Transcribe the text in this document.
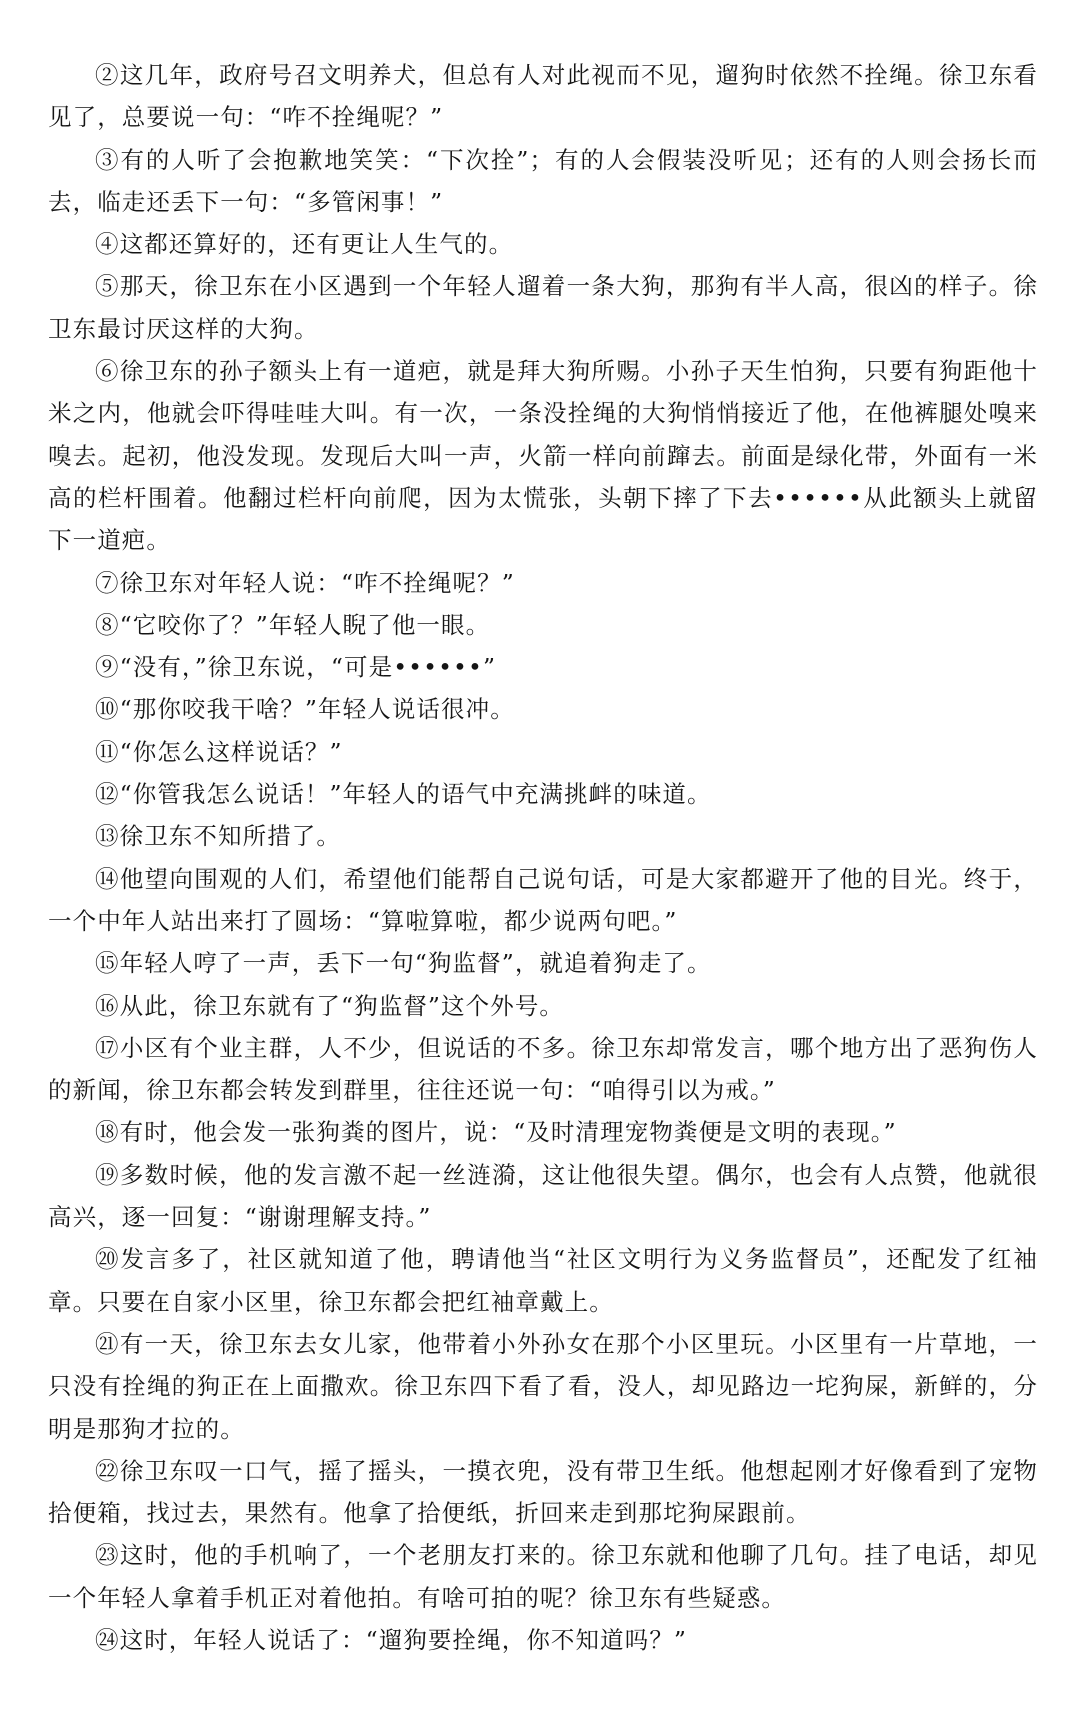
②这几年，政府号召文明养犬，但总有人对此视而不见，遛狗时依然不拴绳。徐卫东看见了，总要说一句：“咋不拴绳呢？”

③有的人听了会抱歉地笑笑：“下次拴”；有的人会假装没听见；还有的人则会扬长而去，临走还丢下一句：“多管闲事！”

④这都还算好的，还有更让人生气的。

⑤那天，徐卫东在小区遇到一个年轻人遛着一条大狗，那狗有半人高，很凶的样子。徐卫东最讨厌这样的大狗。

⑥徐卫东的孙子额头上有一道疤，就是拜大狗所赐。小孙子天生怕狗，只要有狗距他十米之内，他就会吓得哇哇大叫。有一次，一条没拴绳的大狗悄悄接近了他，在他裤腿处嗅来嗅去。起初，他没发现。发现后大叫一声，火箭一样向前蹿去。前面是绿化带，外面有一米高的栏杆围着。他翻过栏杆向前爬，因为太慌张，头朝下摔了下去••••••从此额头上就留下一道疤。

⑦徐卫东对年轻人说：“咋不拴绳呢？”

⑧“它咬你了？”年轻人睨了他一眼。

⑨“没有，”徐卫东说，“可是••••••”

⑩“那你咬我干啥？”年轻人说话很冲。

⑪“你怎么这样说话？”

⑫“你管我怎么说话！”年轻人的语气中充满挑衅的味道。

⑬徐卫东不知所措了。

⑭他望向围观的人们，希望他们能帮自己说句话，可是大家都避开了他的目光。终于，一个中年人站出来打了圆场：“算啦算啦，都少说两句吧。”

⑮年轻人哼了一声，丢下一句“狗监督”，就追着狗走了。

⑯从此，徐卫东就有了“狗监督”这个外号。

⑰小区有个业主群，人不少，但说话的不多。徐卫东却常发言，哪个地方出了恶狗伤人的新闻，徐卫东都会转发到群里，往往还说一句：“咱得引以为戒。”

⑱有时，他会发一张狗粪的图片，说：“及时清理宠物粪便是文明的表现。”

⑲多数时候，他的发言激不起一丝涟漪，这让他很失望。偶尔，也会有人点赞，他就很高兴，逐一回复：“谢谢理解支持。”

⑳发言多了，社区就知道了他，聘请他当“社区文明行为义务监督员”，还配发了红袖章。只要在自家小区里，徐卫东都会把红袖章戴上。

㉑有一天，徐卫东去女儿家，他带着小外孙女在那个小区里玩。小区里有一片草地，一只没有拴绳的狗正在上面撒欢。徐卫东四下看了看，没人，却见路边一坨狗屎，新鲜的，分明是那狗才拉的。

㉒徐卫东叹一口气，摇了摇头，一摸衣兜，没有带卫生纸。他想起刚才好像看到了宠物拾便箱，找过去，果然有。他拿了拾便纸，折回来走到那坨狗屎跟前。

㉓这时，他的手机响了，一个老朋友打来的。徐卫东就和他聊了几句。挂了电话，却见一个年轻人拿着手机正对着他拍。有啥可拍的呢？徐卫东有些疑惑。

㉔这时，年轻人说话了：“遛狗要拴绳，你不知道吗？”
